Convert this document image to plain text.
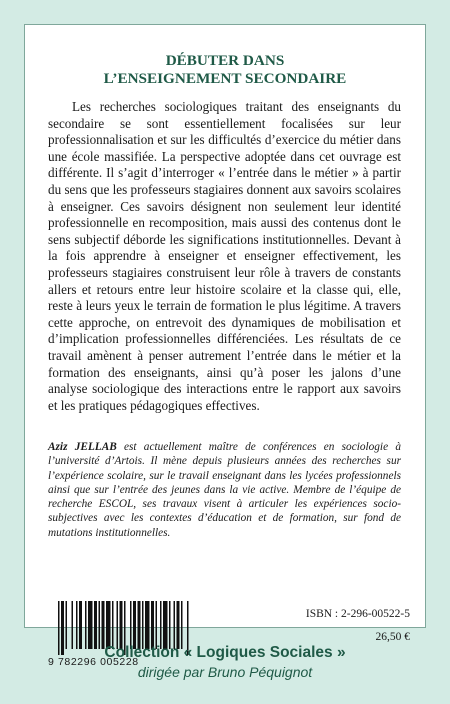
DÉBUTER DANS
L’ENSEIGNEMENT SECONDAIRE

Les recherches sociologiques traitant des enseignants du secondaire se sont essentiellement focalisées sur leur professionnalisation et sur les difficultés d’exercice du métier dans une école massifiée. La perspective adoptée dans cet ouvrage est différente. Il s’agit d’interroger « l’entrée dans le métier » à partir du sens que les professeurs stagiaires donnent aux savoirs scolaires à enseigner. Ces savoirs désignent non seulement leur identité professionnelle en recomposition, mais aussi des contenus dont le sens subjectif déborde les significations institutionnelles. Devant à la fois apprendre à enseigner et enseigner effectivement, les professeurs stagiaires construisent leur rôle à travers de constants allers et retours entre leur histoire scolaire et la classe qui, elle, reste à leurs yeux le terrain de formation le plus légitime. A travers cette approche, on entrevoit des dynamiques de mobilisation et d’implication professionnelles différenciées. Les résultats de ce travail amènent à penser autrement l’entrée dans le métier et la formation des enseignants, ainsi qu’à poser les jalons d’une analyse sociologique des interactions entre le rapport aux savoirs et les pratiques pédagogiques effectives.

Aziz JELLAB est actuellement maître de conférences en sociologie à l’université d’Artois. Il mène depuis plusieurs années des recherches sur l’expérience scolaire, sur le travail enseignant dans les lycées professionnels ainsi que sur l’entrée des jeunes dans la vie active. Membre de l’équipe de recherche ESCOL, ses travaux visent à articuler les expériences socio-subjectives avec les contextes d’éducation et de formation, sur fond de mutations institutionnelles.

9 782296 005228
ISBN : 2-296-00522-5
26,50 €
Collection « Logiques Sociales »
dirigée par Bruno Péquignot
